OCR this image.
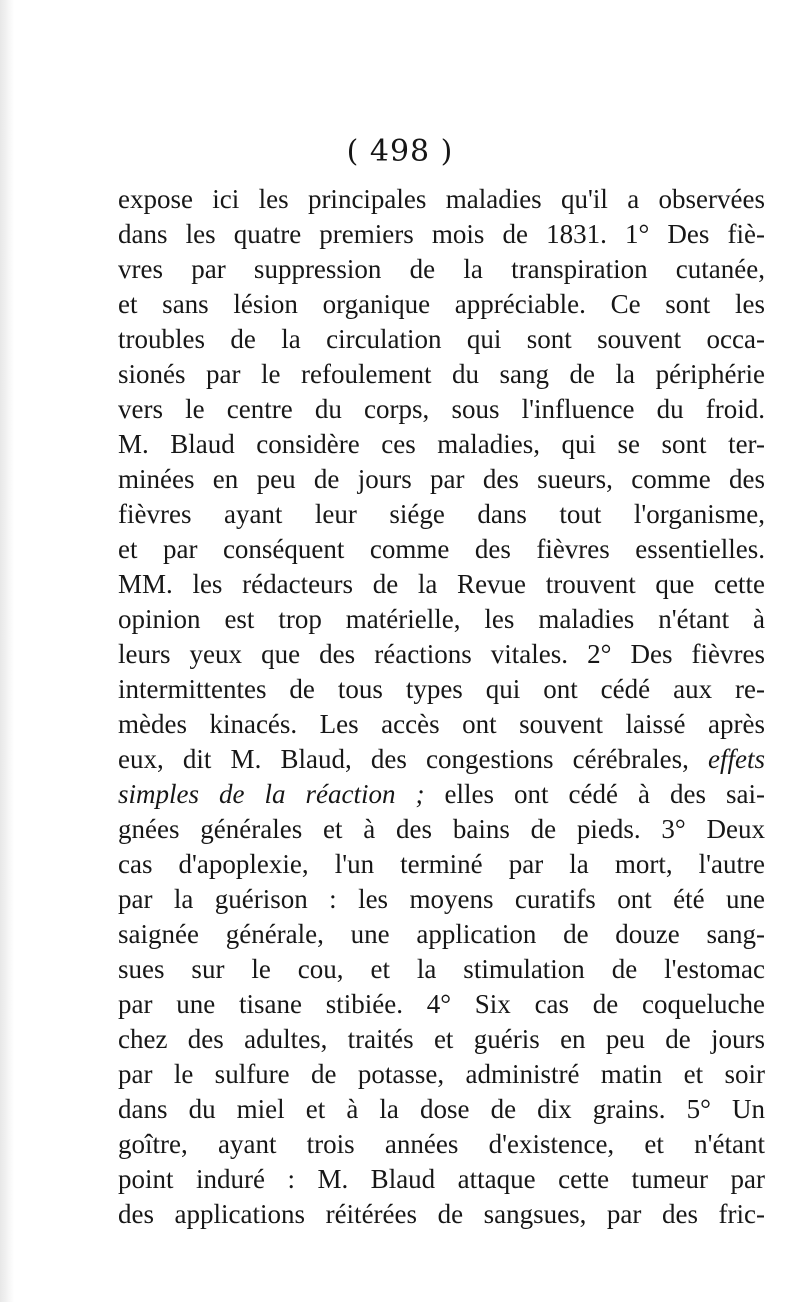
( 498 )
expose ici les principales maladies qu'il a observées
dans les quatre premiers mois de 1831. 1° Des fiè-
vres par suppression de la transpiration cutanée,
et sans lésion organique appréciable. Ce sont les
troubles de la circulation qui sont souvent occa-
sionés par le refoulement du sang de la périphérie
vers le centre du corps, sous l'influence du froid.
M. Blaud considère ces maladies, qui se sont ter-
minées en peu de jours par des sueurs, comme des
fièvres ayant leur siége dans tout l'organisme,
et par conséquent comme des fièvres essentielles.
MM. les rédacteurs de la Revue trouvent que cette
opinion est trop matérielle, les maladies n'étant à
leurs yeux que des réactions vitales. 2° Des fièvres
intermittentes de tous types qui ont cédé aux re-
mèdes kinacés. Les accès ont souvent laissé après
eux, dit M. Blaud, des congestions cérébrales, effets
simples de la réaction ; elles ont cédé à des sai-
gnées générales et à des bains de pieds. 3° Deux
cas d'apoplexie, l'un terminé par la mort, l'autre
par la guérison : les moyens curatifs ont été une
saignée générale, une application de douze sang-
sues sur le cou, et la stimulation de l'estomac
par une tisane stibiée. 4° Six cas de coqueluche
chez des adultes, traités et guéris en peu de jours
par le sulfure de potasse, administré matin et soir
dans du miel et à la dose de dix grains. 5° Un
goître, ayant trois années d'existence, et n'étant
point induré : M. Blaud attaque cette tumeur par
des applications réitérées de sangsues, par des fric-
